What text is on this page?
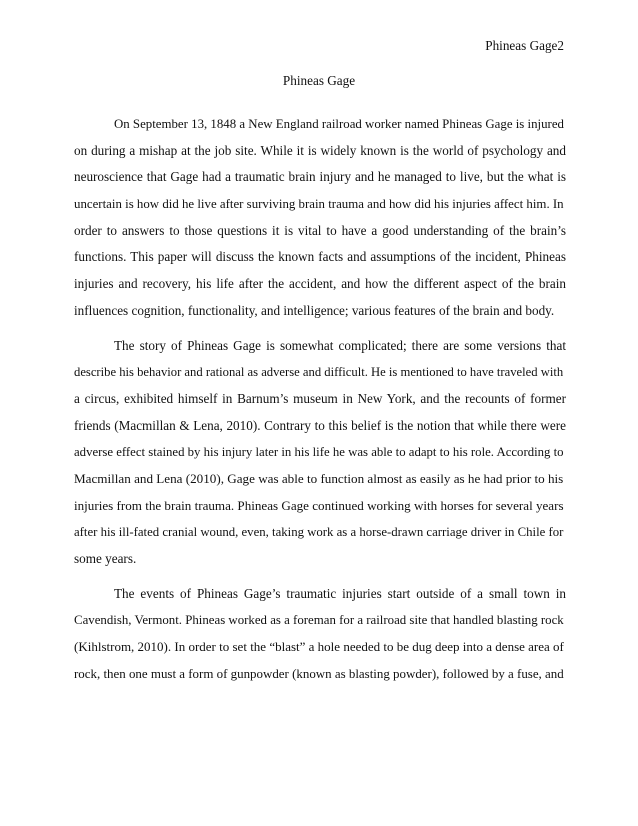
Phineas Gage2
Phineas Gage
On September 13, 1848 a New England railroad worker named Phineas Gage is injured
on during a mishap at the job site. While it is widely known is the world of psychology and
neuroscience that Gage had a traumatic brain injury and he managed to live, but the what is
uncertain is how did he live after surviving brain trauma and how did his injuries affect him. In
order to answers to those questions it is vital to have a good understanding of the brain’s
functions. This paper will discuss the known facts and assumptions of the incident, Phineas
injuries and recovery, his life after the accident, and how the different aspect of the brain
influences cognition, functionality, and intelligence; various features of the brain and body.
The story of Phineas Gage is somewhat complicated; there are some versions that
describe his behavior and rational as adverse and difficult. He is mentioned to have traveled with
a circus, exhibited himself in Barnum’s museum in New York, and the recounts of former
friends (Macmillan & Lena, 2010). Contrary to this belief is the notion that while there were
adverse effect stained by his injury later in his life he was able to adapt to his role. According to
Macmillan and Lena (2010), Gage was able to function almost as easily as he had prior to his
injuries from the brain trauma. Phineas Gage continued working with horses for several years
after his ill-fated cranial wound, even, taking work as a horse-drawn carriage driver in Chile for
some years.
The events of Phineas Gage’s traumatic injuries start outside of a small town in
Cavendish, Vermont. Phineas worked as a foreman for a railroad site that handled blasting rock
(Kihlstrom, 2010). In order to set the “blast” a hole needed to be dug deep into a dense area of
rock, then one must a form of gunpowder (known as blasting powder), followed by a fuse, and
